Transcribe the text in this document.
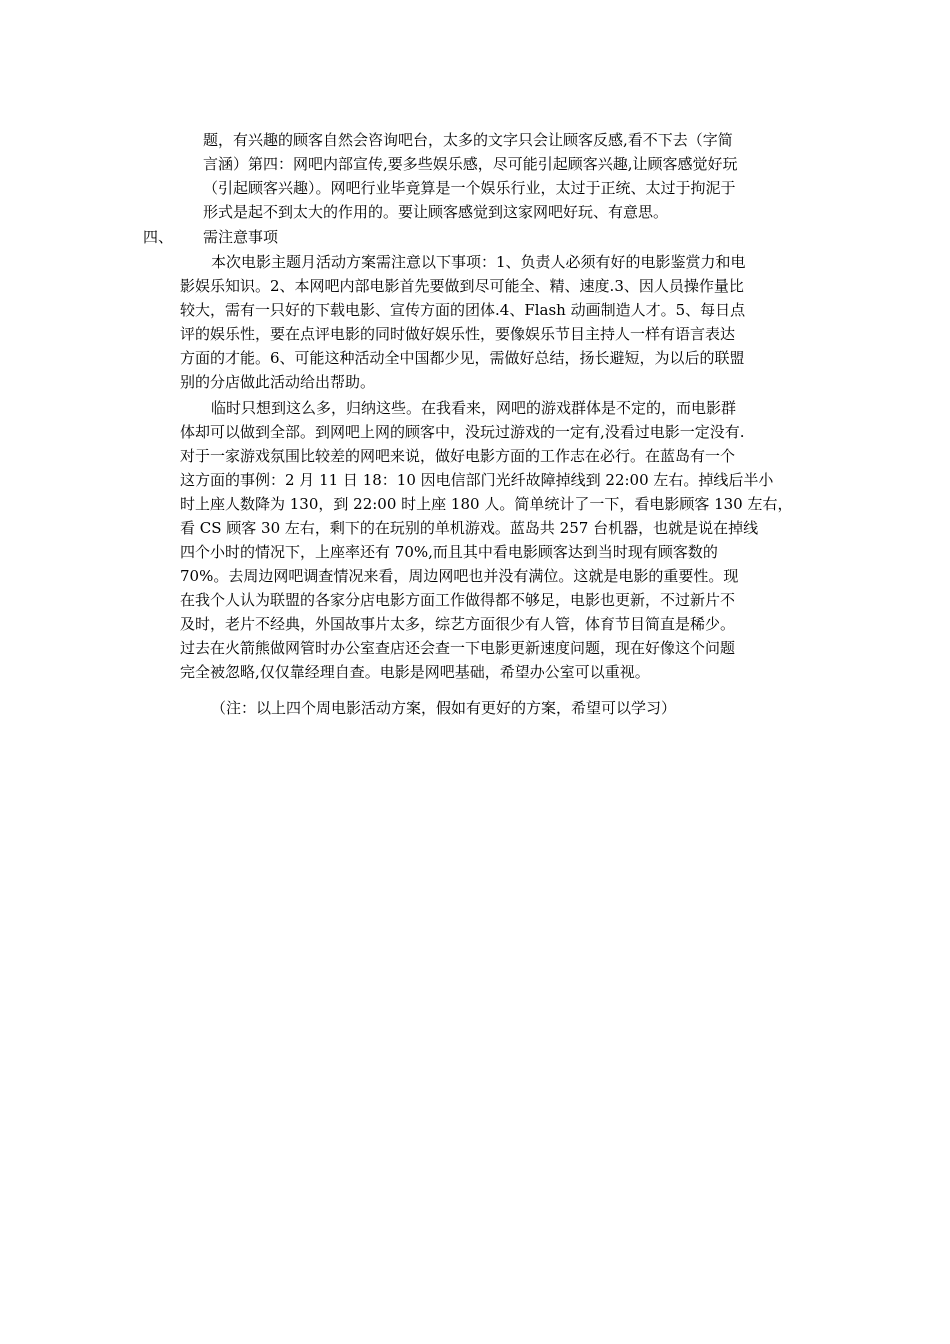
题，有兴趣的顾客自然会咨询吧台，太多的文字只会让顾客反感,看不下去（字简
言涵）第四：网吧内部宣传,要多些娱乐感，尽可能引起顾客兴趣,让顾客感觉好玩
（引起顾客兴趣）。网吧行业毕竟算是一个娱乐行业，太过于正统、太过于拘泥于
形式是起不到太大的作用的。要让顾客感觉到这家网吧好玩、有意思。
四、 需注意事项
本次电影主题月活动方案需注意以下事项：1、负责人必须有好的电影鉴赏力和电
影娱乐知识。2、本网吧内部电影首先要做到尽可能全、精、速度.3、因人员操作量比
较大，需有一只好的下载电影、宣传方面的团体.4、Flash 动画制造人才。5、每日点
评的娱乐性，要在点评电影的同时做好娱乐性，要像娱乐节目主持人一样有语言表达
方面的才能。6、可能这种活动全中国都少见，需做好总结，扬长避短，为以后的联盟
别的分店做此活动给出帮助。
临时只想到这么多，归纳这些。在我看来，网吧的游戏群体是不定的，而电影群
体却可以做到全部。到网吧上网的顾客中，没玩过游戏的一定有,没看过电影一定没有.
对于一家游戏氛围比较差的网吧来说，做好电影方面的工作志在必行。在蓝岛有一个
这方面的事例：2 月 11 日 18：10 因电信部门光纤故障掉线到 22:00 左右。掉线后半小
时上座人数降为 130，到 22:00 时上座 180 人。简单统计了一下，看电影顾客 130 左右，
看 CS 顾客 30 左右，剩下的在玩别的单机游戏。蓝岛共 257 台机器，也就是说在掉线
四个小时的情况下，上座率还有 70%,而且其中看电影顾客达到当时现有顾客数的
70%。去周边网吧调查情况来看，周边网吧也并没有满位。这就是电影的重要性。现
在我个人认为联盟的各家分店电影方面工作做得都不够足，电影也更新，不过新片不
及时，老片不经典，外国故事片太多，综艺方面很少有人管，体育节目简直是稀少。
过去在火箭熊做网管时办公室查店还会查一下电影更新速度问题，现在好像这个问题
完全被忽略,仅仅靠经理自查。电影是网吧基础，希望办公室可以重视。
（注：以上四个周电影活动方案，假如有更好的方案，希望可以学习）
